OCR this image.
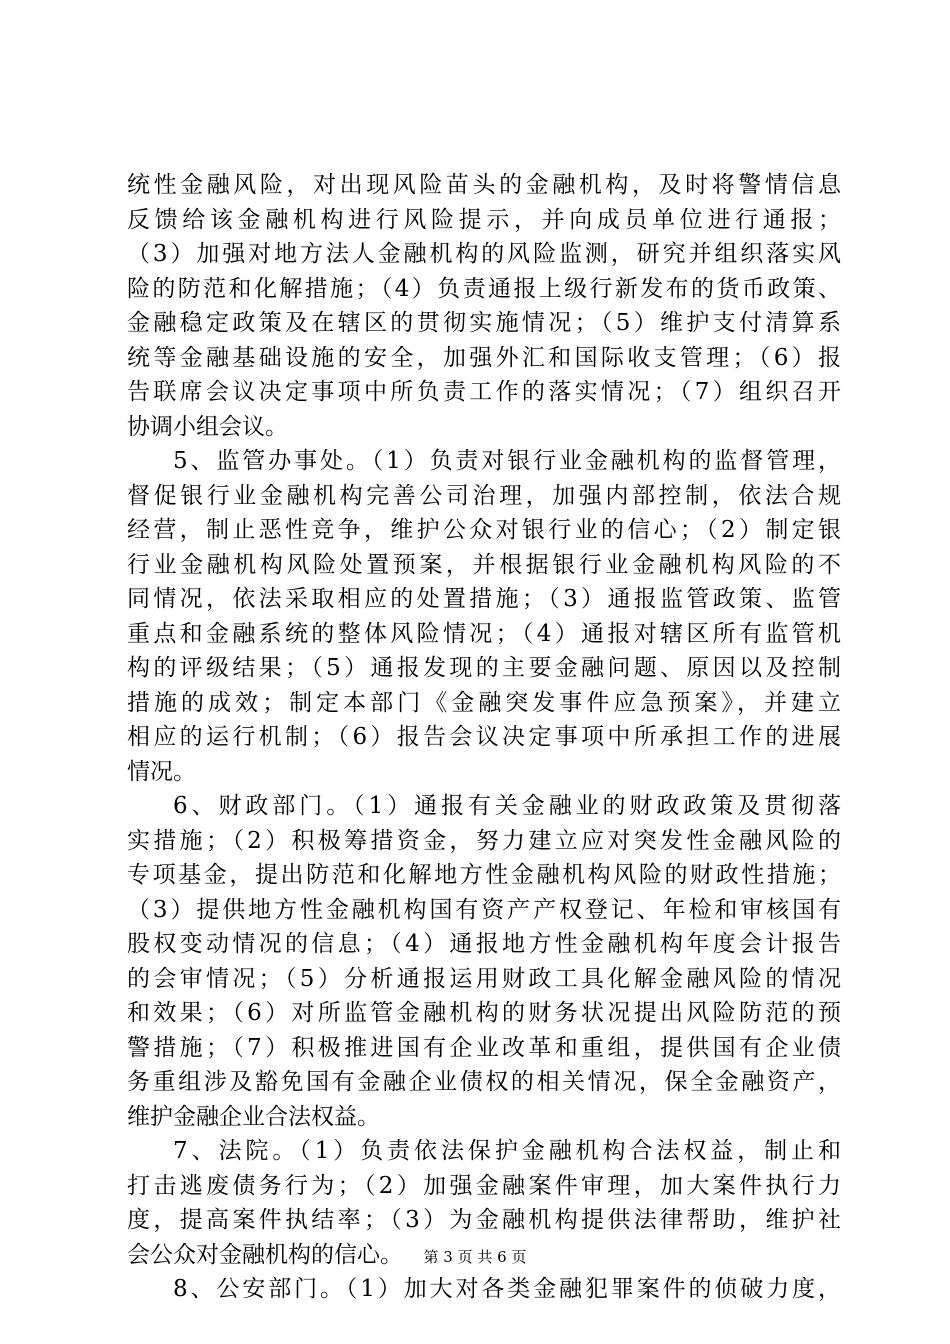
统性金融风险，对出现风险苗头的金融机构，及时将警情信息
反馈给该金融机构进行风险提示，并向成员单位进行通报；
（3）加强对地方法人金融机构的风险监测，研究并组织落实风
险的防范和化解措施；（4）负责通报上级行新发布的货币政策、
金融稳定政策及在辖区的贯彻实施情况；（5）维护支付清算系
统等金融基础设施的安全，加强外汇和国际收支管理；（6）报
告联席会议决定事项中所负责工作的落实情况；（7）组织召开
协调小组会议。
5、监管办事处。（1）负责对银行业金融机构的监督管理，
督促银行业金融机构完善公司治理，加强内部控制，依法合规
经营，制止恶性竞争，维护公众对银行业的信心；（2）制定银
行业金融机构风险处置预案，并根据银行业金融机构风险的不
同情况，依法采取相应的处置措施；（3）通报监管政策、监管
重点和金融系统的整体风险情况；（4）通报对辖区所有监管机
构的评级结果；（5）通报发现的主要金融问题、原因以及控制
措施的成效；制定本部门《金融突发事件应急预案》，并建立
相应的运行机制；（6）报告会议决定事项中所承担工作的进展
情况。
6、财政部门。（1）通报有关金融业的财政政策及贯彻落
实措施；（2）积极筹措资金，努力建立应对突发性金融风险的
专项基金，提出防范和化解地方性金融机构风险的财政性措施；
（3）提供地方性金融机构国有资产产权登记、年检和审核国有
股权变动情况的信息；（4）通报地方性金融机构年度会计报告
的会审情况；（5）分析通报运用财政工具化解金融风险的情况
和效果；（6）对所监管金融机构的财务状况提出风险防范的预
警措施；（7）积极推进国有企业改革和重组，提供国有企业债
务重组涉及豁免国有金融企业债权的相关情况，保全金融资产，
维护金融企业合法权益。
7、法院。（1）负责依法保护金融机构合法权益，制止和
打击逃废债务行为；（2）加强金融案件审理，加大案件执行力
度，提高案件执结率；（3）为金融机构提供法律帮助，维护社
会公众对金融机构的信心。
8、公安部门。（1）加大对各类金融犯罪案件的侦破力度，
第 3 页 共 6 页
